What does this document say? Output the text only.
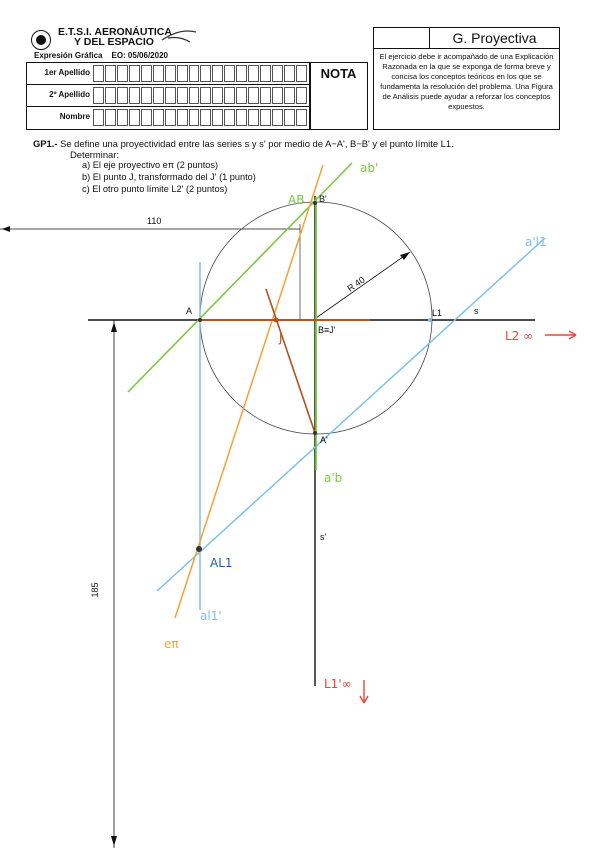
E.T.S.I. AERONÁUTICA
Y DEL ESPACIO
Expresión Gráfica EO: 05/06/2020
1er Apellido
2º Apellido
Nombre
NOTA
G. Proyectiva
El ejercicio debe ir acompañado de una Explicación Razonada en la que se exponga de forma breve y concisa los conceptos teóricos en los que se fundamenta la resolución del problema. Una Figura de Análisis puede ayudar a reforzar los conceptos expuestos.
GP1.- Se define una proyectividad entre las series s y s' por medio de A−A', B−B' y el punto límite L1.
Determinar:
a) El eje proyectivo eπ (2 puntos)
b) El punto J, transformado del J' (1 punto)
c) El otro punto límite L2' (2 puntos)
110
185
R 40
A
B'
B≡J'
A'
L1	s
s'
ab'
AB
a'l1
L2 ∞
J
a'b
AL1
al1'
eπ
L1'∞
